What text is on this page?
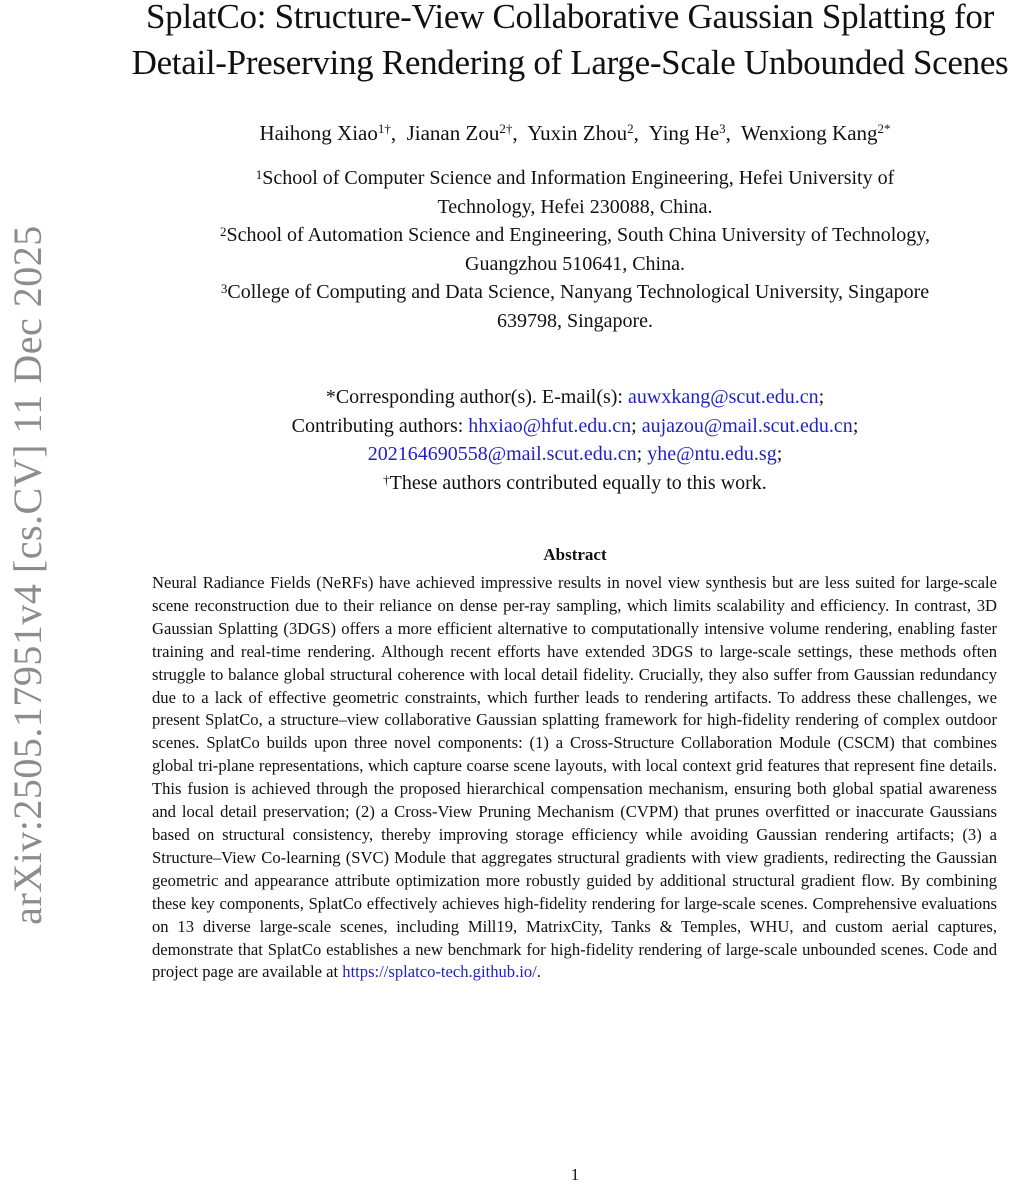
arXiv:2505.17951v4 [cs.CV] 11 Dec 2025
SplatCo: Structure-View Collaborative Gaussian Splatting for
Detail-Preserving Rendering of Large-Scale Unbounded Scenes
Haihong Xiao$^{1\dagger}$,  Jianan Zou$^{2\dagger}$,  Yuxin Zhou$^2$,  Ying He$^3$,  Wenxiong Kang$^{2*}$
$^1$School of Computer Science and Information Engineering, Hefei University of
Technology, Hefei 230088, China.
$^2$School of Automation Science and Engineering, South China University of Technology,
Guangzhou 510641, China.
$^3$College of Computing and Data Science, Nanyang Technological University, Singapore
639798, Singapore.
*Corresponding author(s). E-mail(s): auwxkang@scut.edu.cn;
Contributing authors: hhxiao@hfut.edu.cn; aujazou@mail.scut.edu.cn;
202164690558@mail.scut.edu.cn; yhe@ntu.edu.sg;
†These authors contributed equally to this work.
Abstract
Neural Radiance Fields (NeRFs) have achieved impressive results in novel view synthesis but are less suited for large-scale scene reconstruction due to their reliance on dense per-ray sampling, which limits scalability and efficiency. In contrast, 3D Gaussian Splatting (3DGS) offers a more efficient alternative to computationally intensive volume rendering, enabling faster training and real-time rendering. Although recent efforts have extended 3DGS to large-scale settings, these methods often struggle to balance global structural coherence with local detail fidelity. Crucially, they also suffer from Gaussian redundancy due to a lack of effective geometric constraints, which further leads to rendering artifacts. To address these challenges, we present SplatCo, a structure–view collaborative Gaussian splatting framework for high-fidelity rendering of complex outdoor scenes. SplatCo builds upon three novel components: (1) a Cross-Structure Collaboration Module (CSCM) that combines global tri-plane representations, which capture coarse scene layouts, with local context grid features that represent fine details. This fusion is achieved through the proposed hierarchical compensation mechanism, ensuring both global spatial awareness and local detail preservation; (2) a Cross-View Pruning Mechanism (CVPM) that prunes overfitted or inaccurate Gaussians based on structural consistency, thereby improving storage efficiency while avoiding Gaussian rendering artifacts; (3) a Structure–View Co-learning (SVC) Module that aggregates structural gradients with view gradients, redirecting the Gaussian geometric and appearance attribute optimization more robustly guided by additional structural gradient flow. By combining these key components, SplatCo effectively achieves high-fidelity rendering for large-scale scenes. Comprehensive evaluations on 13 diverse large-scale scenes, including Mill19, MatrixCity, Tanks & Temples, WHU, and custom aerial captures, demonstrate that SplatCo establishes a new benchmark for high-fidelity rendering of large-scale unbounded scenes. Code and project page are available at https://splatco-tech.github.io/.
1
